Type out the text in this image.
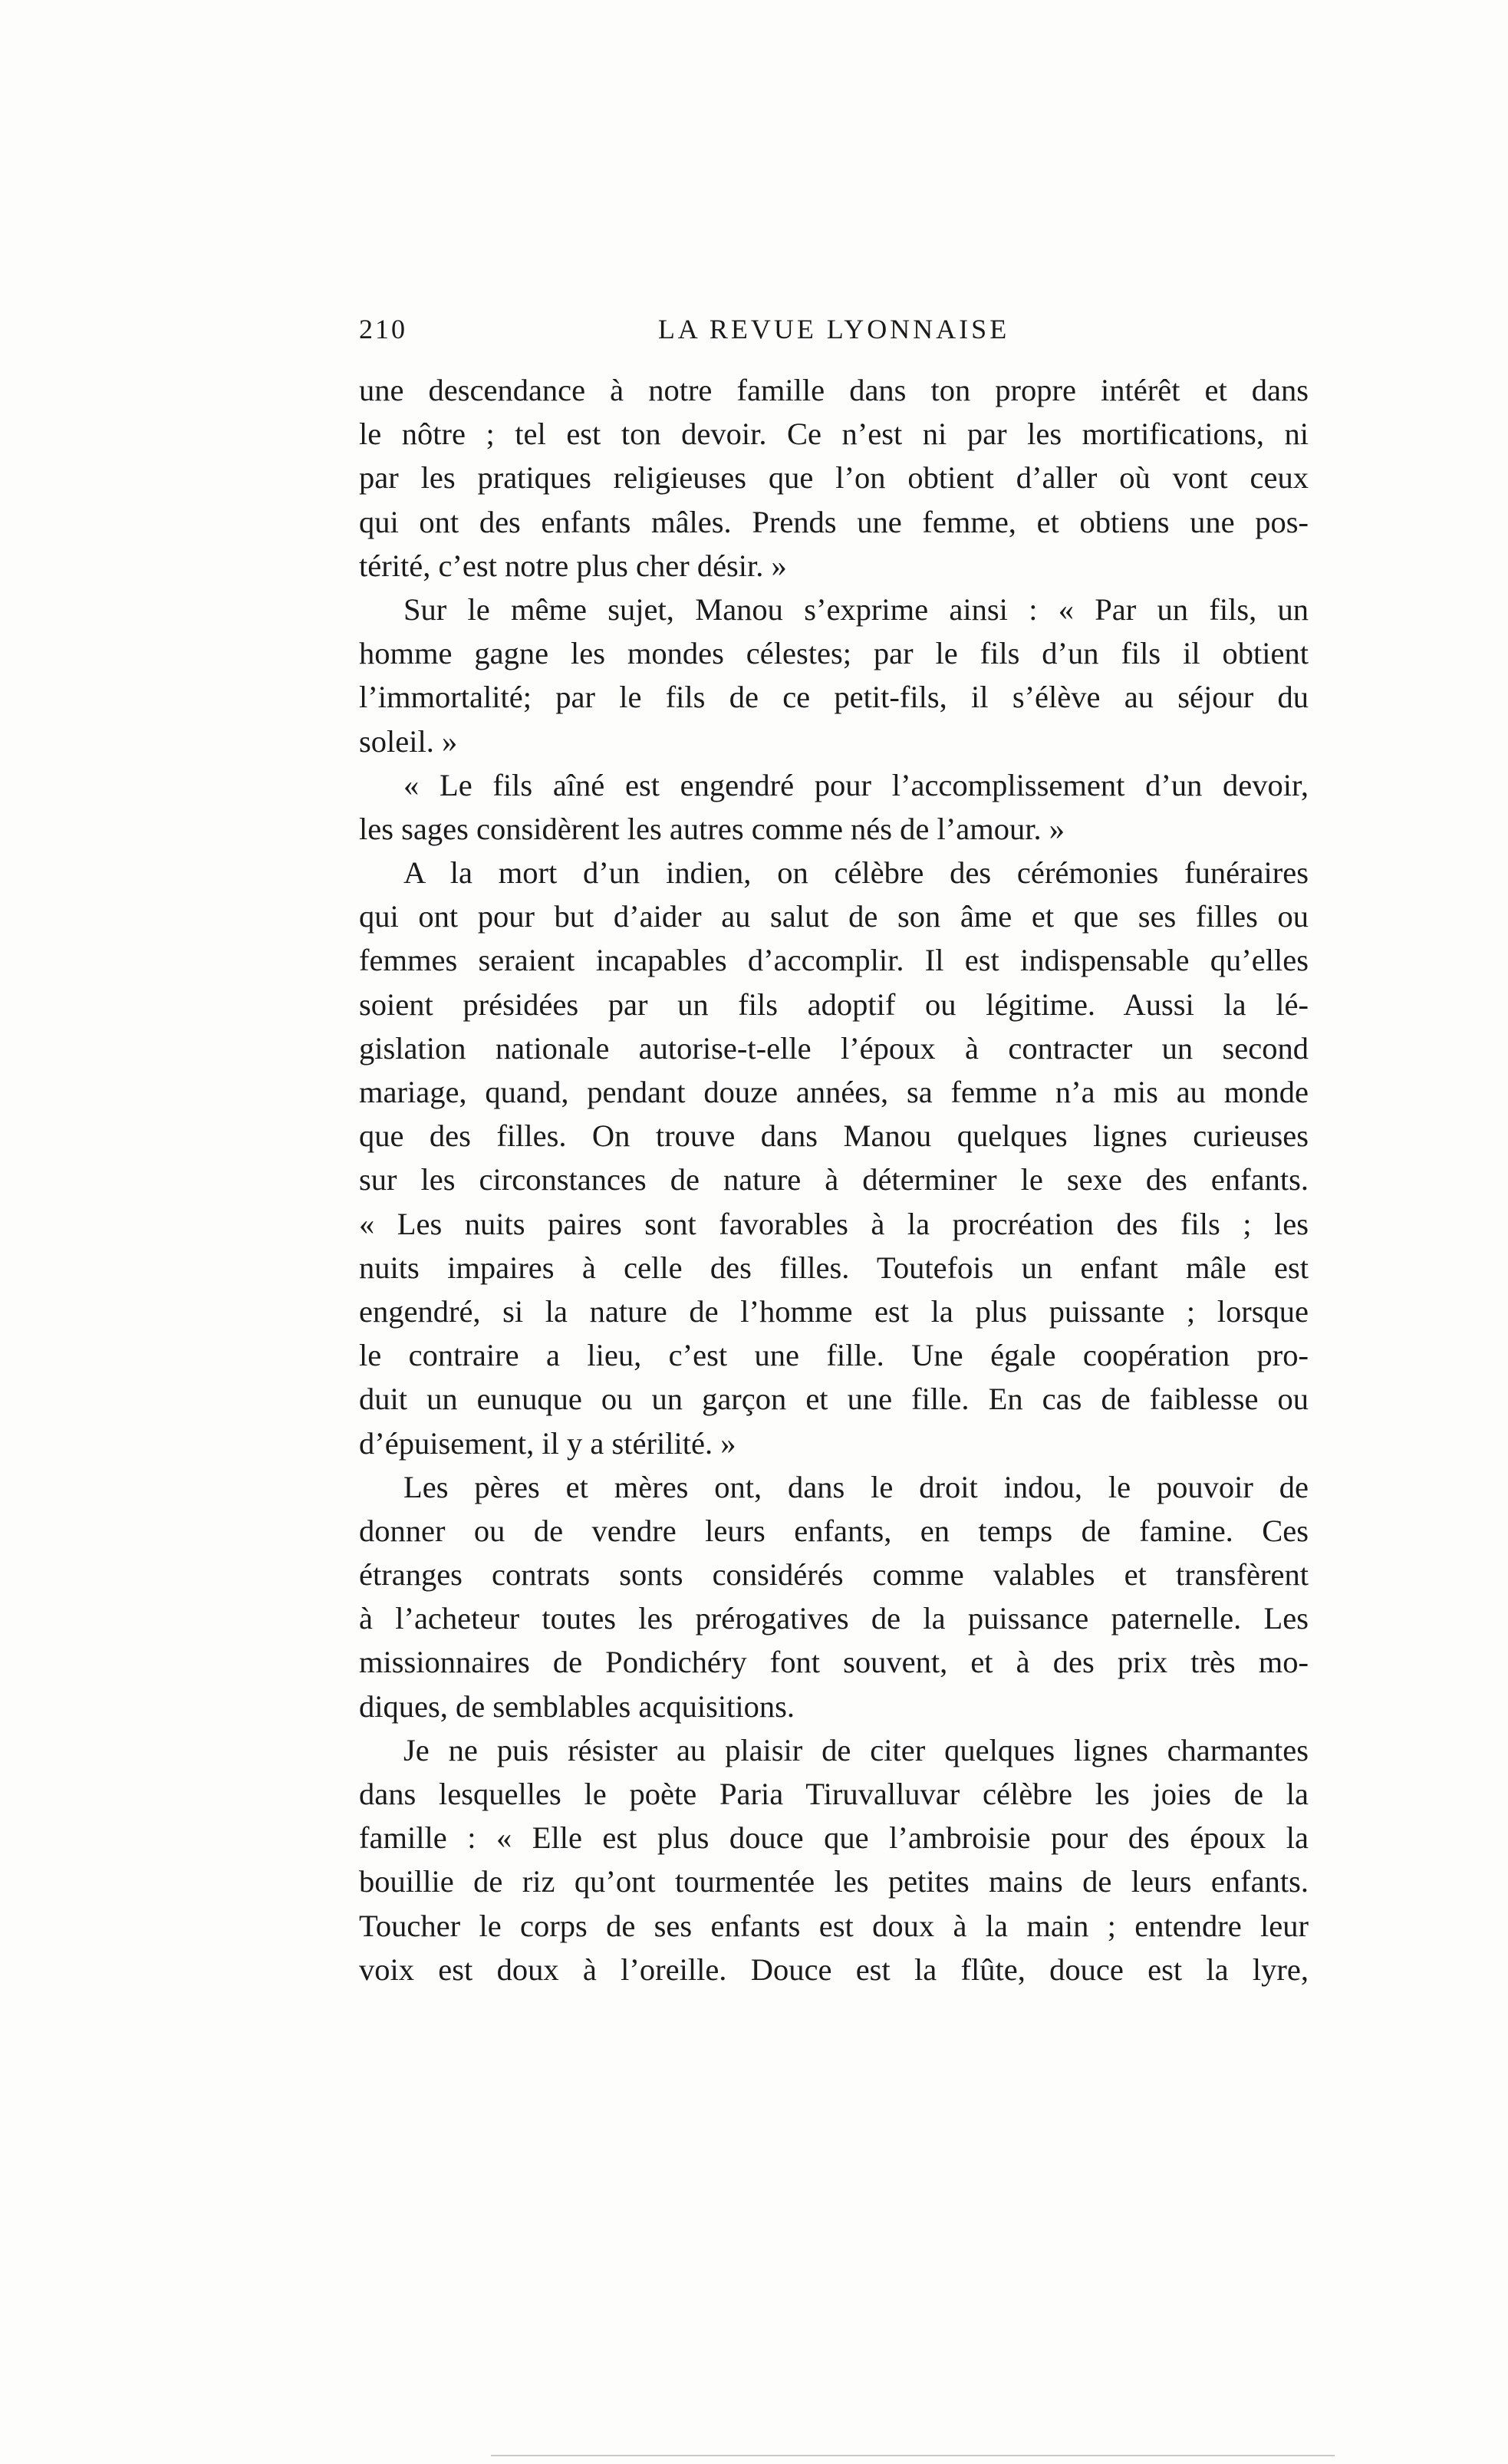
210	LA REVUE LYONNAISE
une descendance à notre famille dans ton propre intérêt et dans
le nôtre ; tel est ton devoir. Ce n’est ni par les mortifications, ni
par les pratiques religieuses que l’on obtient d’aller où vont ceux
qui ont des enfants mâles. Prends une femme, et obtiens une pos-
térité, c’est notre plus cher désir. »
Sur le même sujet, Manou s’exprime ainsi : « Par un fils, un
homme gagne les mondes célestes; par le fils d’un fils il obtient
l’immortalité; par le fils de ce petit-fils, il s’élève au séjour du
soleil. »
« Le fils aîné est engendré pour l’accomplissement d’un devoir,
les sages considèrent les autres comme nés de l’amour. »
A la mort d’un indien, on célèbre des cérémonies funéraires
qui ont pour but d’aider au salut de son âme et que ses filles ou
femmes seraient incapables d’accomplir. Il est indispensable qu’elles
soient présidées par un fils adoptif ou légitime. Aussi la lé-
gislation nationale autorise-t-elle l’époux à contracter un second
mariage, quand, pendant douze années, sa femme n’a mis au monde
que des filles. On trouve dans Manou quelques lignes curieuses
sur les circonstances de nature à déterminer le sexe des enfants.
« Les nuits paires sont favorables à la procréation des fils ; les
nuits impaires à celle des filles. Toutefois un enfant mâle est
engendré, si la nature de l’homme est la plus puissante ; lorsque
le contraire a lieu, c’est une fille. Une égale coopération pro-
duit un eunuque ou un garçon et une fille. En cas de faiblesse ou
d’épuisement, il y a stérilité. »
Les pères et mères ont, dans le droit indou, le pouvoir de
donner ou de vendre leurs enfants, en temps de famine. Ces
étranges contrats sonts considérés comme valables et transfèrent
à l’acheteur toutes les prérogatives de la puissance paternelle. Les
missionnaires de Pondichéry font souvent, et à des prix très mo-
diques, de semblables acquisitions.
Je ne puis résister au plaisir de citer quelques lignes charmantes
dans lesquelles le poète Paria Tiruvalluvar célèbre les joies de la
famille : « Elle est plus douce que l’ambroisie pour des époux la
bouillie de riz qu’ont tourmentée les petites mains de leurs enfants.
Toucher le corps de ses enfants est doux à la main ; entendre leur
voix est doux à l’oreille. Douce est la flûte, douce est la lyre,
